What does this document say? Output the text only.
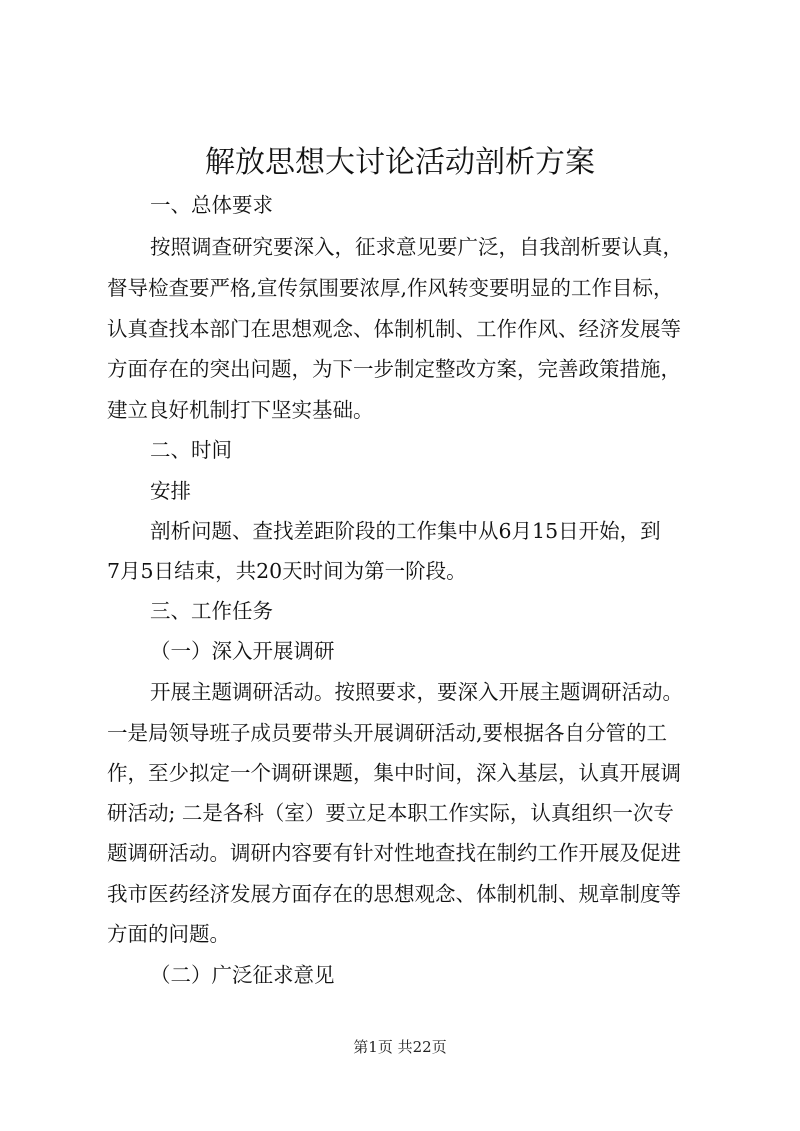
解放思想大讨论活动剖析方案
一、总体要求
按照调查研究要深入，征求意见要广泛，自我剖析要认真，
督导检查要严格,宣传氛围要浓厚,作风转变要明显的工作目标，
认真查找本部门在思想观念、体制机制、工作作风、经济发展等
方面存在的突出问题，为下一步制定整改方案，完善政策措施，
建立良好机制打下坚实基础。
二、时间
安排
剖析问题、查找差距阶段的工作集中从6月15日开始，到
7月5日结束，共20天时间为第一阶段。
三、工作任务
（一）深入开展调研
开展主题调研活动。按照要求，要深入开展主题调研活动。
一是局领导班子成员要带头开展调研活动,要根据各自分管的工
作，至少拟定一个调研课题，集中时间，深入基层，认真开展调
研活动; 二是各科（室）要立足本职工作实际，认真组织一次专
题调研活动。调研内容要有针对性地查找在制约工作开展及促进
我市医药经济发展方面存在的思想观念、体制机制、规章制度等
方面的问题。
（二）广泛征求意见
第1页 共22页
